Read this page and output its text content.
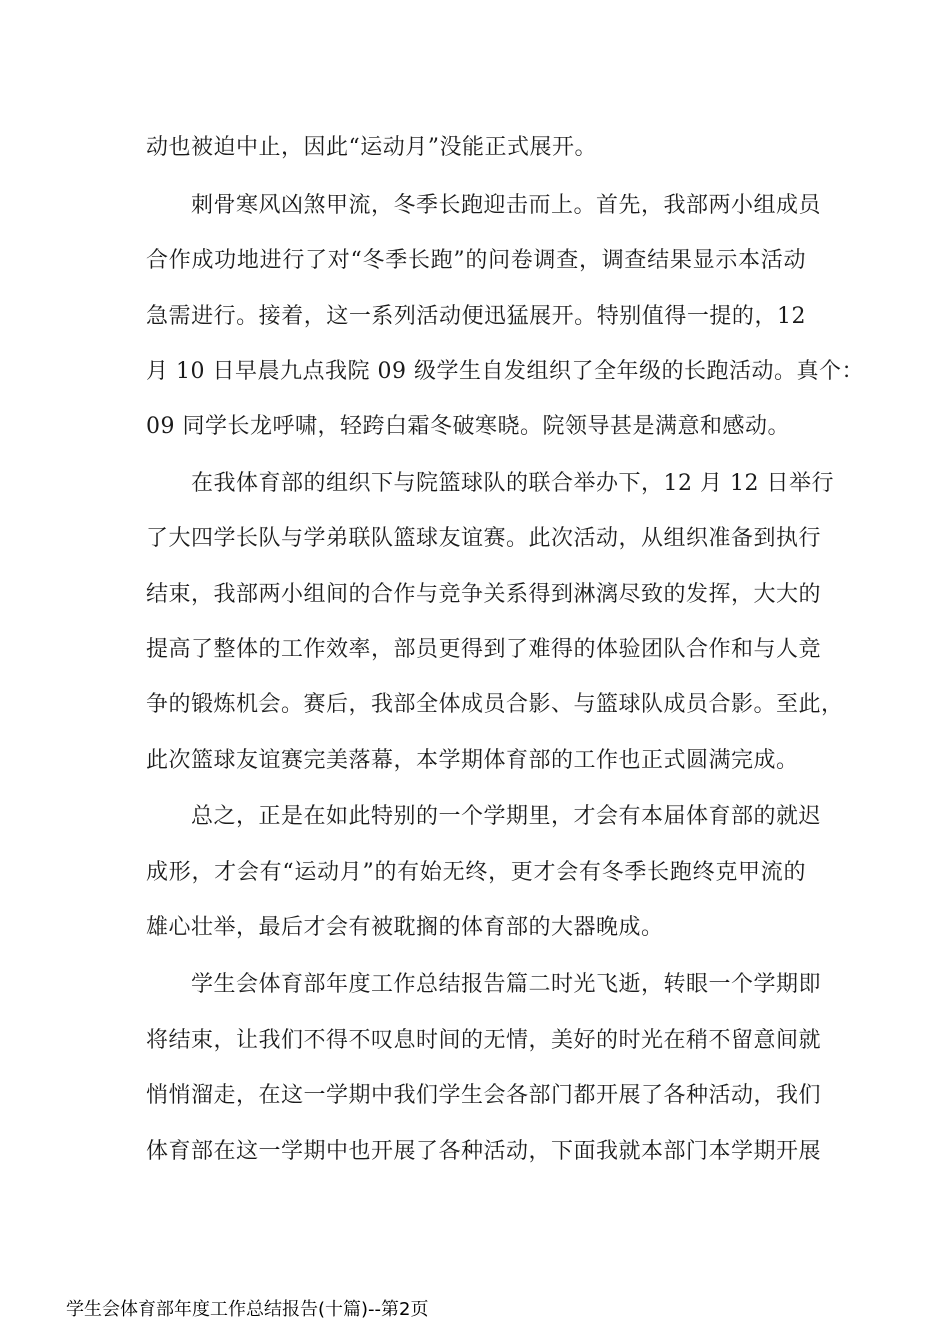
动也被迫中止，因此“运动月”没能正式展开。
刺骨寒风凶煞甲流，冬季长跑迎击而上。首先，我部两小组成员
合作成功地进行了对“冬季长跑”的问卷调查，调查结果显示本活动
急需进行。接着，这一系列活动便迅猛展开。特别值得一提的，12
月 10 日早晨九点我院 09 级学生自发组织了全年级的长跑活动。真个：
09 同学长龙呼啸，轻跨白霜冬破寒晓。院领导甚是满意和感动。
在我体育部的组织下与院篮球队的联合举办下，12 月 12 日举行
了大四学长队与学弟联队篮球友谊赛。此次活动，从组织准备到执行
结束，我部两小组间的合作与竞争关系得到淋漓尽致的发挥，大大的
提高了整体的工作效率，部员更得到了难得的体验团队合作和与人竞
争的锻炼机会。赛后，我部全体成员合影、与篮球队成员合影。至此，
此次篮球友谊赛完美落幕，本学期体育部的工作也正式圆满完成。
总之，正是在如此特别的一个学期里，才会有本届体育部的就迟
成形，才会有“运动月”的有始无终，更才会有冬季长跑终克甲流的
雄心壮举，最后才会有被耽搁的体育部的大器晚成。
学生会体育部年度工作总结报告篇二时光飞逝，转眼一个学期即
将结束，让我们不得不叹息时间的无情，美好的时光在稍不留意间就
悄悄溜走，在这一学期中我们学生会各部门都开展了各种活动，我们
体育部在这一学期中也开展了各种活动，下面我就本部门本学期开展
学生会体育部年度工作总结报告(十篇)--第2页
